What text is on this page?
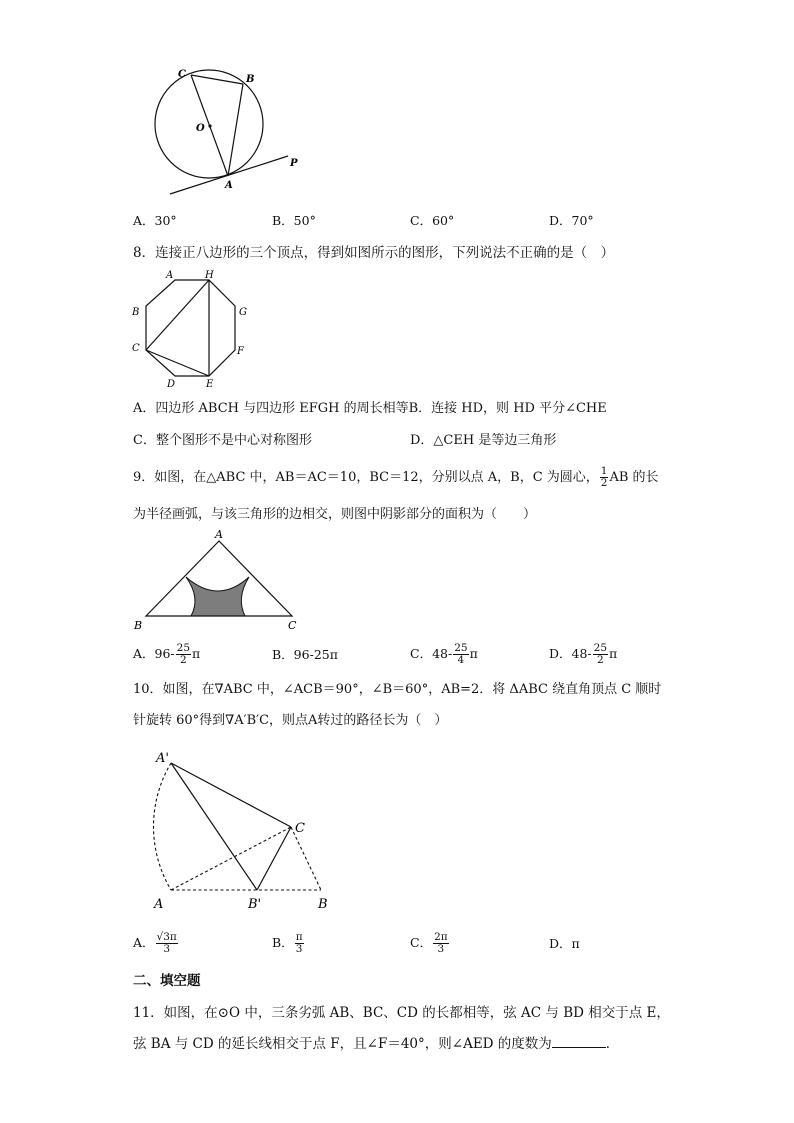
C	B
O
A
P
A．30°	B．50°	C．60°	D．70°
8．连接正八边形的三个顶点，得到如图所示的图形，下列说法不正确的是（　）
A	H
B	G
C	F
D	E
A．四边形 ABCH 与四边形 EFGH 的周长相等B．连接 HD，则 HD 平分∠CHE
C．整个图形不是中心对称图形	D．△CEH 是等边三角形
9．如图，在△ABC 中，AB＝AC＝10，BC＝12，分别以点 A，B，C 为圆心， $\frac{1}{2}$ AB 的长
为半径画弧，与该三角形的边相交，则图中阴影部分的面积为（　　）
A
B	C
A．$96- \frac{25}{2}$ π	B．96-25π	C．$48- \frac{25}{4}$ π	D．$48- \frac{25}{2}$ π
10．如图，在∇ABC 中，∠ACB＝90°，∠B＝60°，AB=2．将 ΔABC 绕直角顶点 C 顺时
针旋转 60°得到∇A′B′C，则点A转过的路径长为（　）
A'
C
A	B'	B
A． $\frac{√3\pi}{3}$	B． $\frac{\pi}{3}$	C． $\frac{2\pi}{3}$	D．π
二、填空题
11．如图，在⊙O 中，三条劣弧 AB、BC、CD 的长都相等，弦 AC 与 BD 相交于点 E，
弦 BA 与 CD 的延长线相交于点 F，且∠F＝40°，则∠AED 的度数为	．
